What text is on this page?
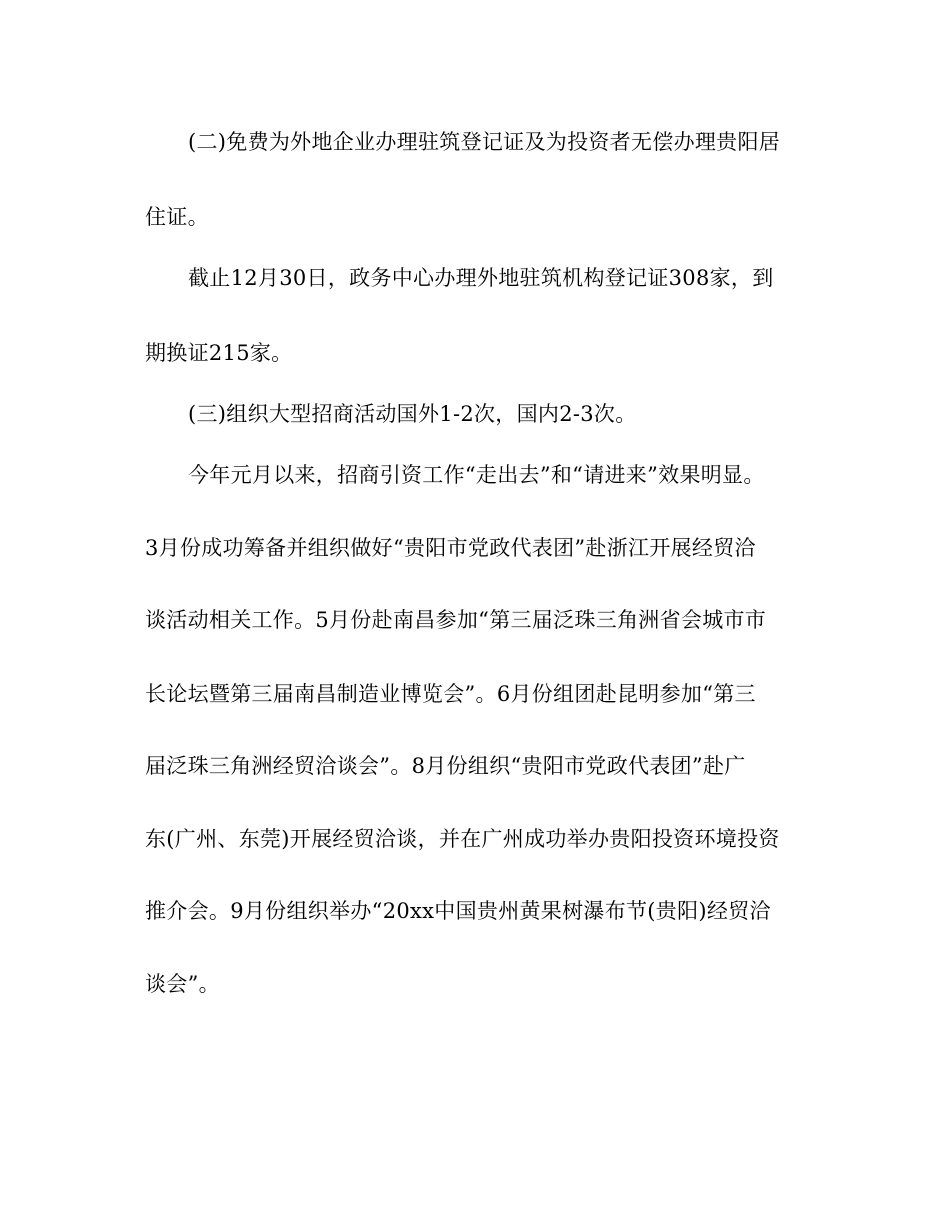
(二)免费为外地企业办理驻筑登记证及为投资者无偿办理贵阳居
住证。
截止12月30日，政务中心办理外地驻筑机构登记证308家，到
期换证215家。
(三)组织大型招商活动国外1-2次，国内2-3次。
今年元月以来，招商引资工作“走出去”和“请进来”效果明显。
3月份成功筹备并组织做好“贵阳市党政代表团”赴浙江开展经贸洽
谈活动相关工作。5月份赴南昌参加“第三届泛珠三角洲省会城市市
长论坛暨第三届南昌制造业博览会”。6月份组团赴昆明参加“第三
届泛珠三角洲经贸洽谈会”。8月份组织“贵阳市党政代表团”赴广
东(广州、东莞)开展经贸洽谈，并在广州成功举办贵阳投资环境投资
推介会。9月份组织举办“20xx中国贵州黄果树瀑布节(贵阳)经贸洽
谈会”。
